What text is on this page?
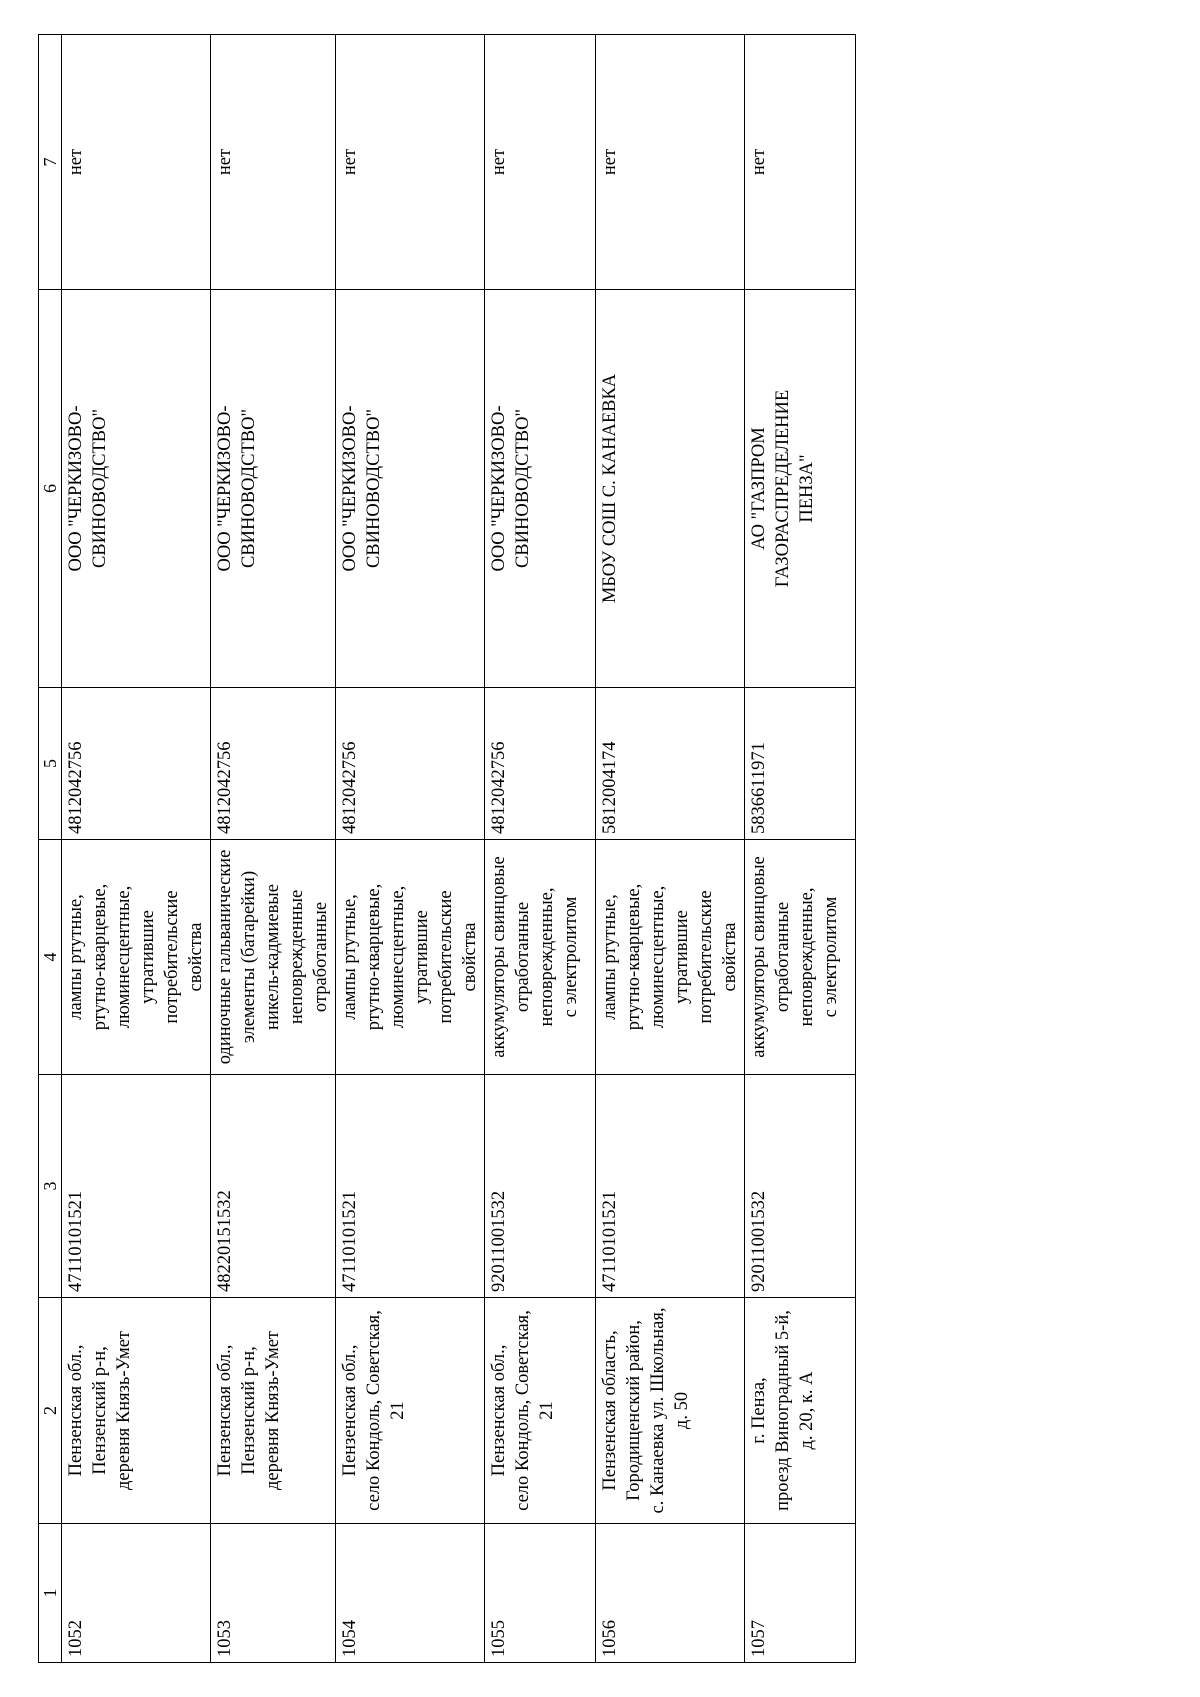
1	2	3	4	5	6	7
1052	Пензенская обл.,
Пензенский р-н,
деревня Князь-Умет	47110101521	лампы ртутные,
ртутно-кварцевые,
люминесцентные,
утратившие потребительские
свойства	4812042756	ООО "ЧЕРКИЗОВО-
СВИНОВОДСТВО"	нет
1053	Пензенская обл.,
Пензенский р-н,
деревня Князь-Умет	48220151532	одиночные гальванические
элементы (батарейки)
никель-кадмиевые
неповрежденные
отработанные	4812042756	ООО "ЧЕРКИЗОВО-
СВИНОВОДСТВО"	нет
1054	Пензенская обл.,
село Кондоль, Советская, 21	47110101521	лампы ртутные,
ртутно-кварцевые,
люминесцентные,
утратившие потребительские
свойства	4812042756	ООО "ЧЕРКИЗОВО-
СВИНОВОДСТВО"	нет
1055	Пензенская обл.,
село Кондоль, Советская, 21	92011001532	аккумуляторы свинцовые
отработанные
неповрежденные,
с электролитом	4812042756	ООО "ЧЕРКИЗОВО-
СВИНОВОДСТВО"	нет
1056	Пензенская область,
Городищенский район,
с. Канаевка ул. Школьная, д. 50	47110101521	лампы ртутные,
ртутно-кварцевые,
люминесцентные,
утратившие потребительские
свойства	5812004174	МБОУ СОШ С. КАНАЕВКА	нет
1057	г. Пенза,
проезд Виноградный 5-й,
д. 20, к. А	92011001532	аккумуляторы свинцовые
отработанные
неповрежденные,
с электролитом	5836611971	АО "ГАЗПРОМ
ГАЗОРАСПРЕДЕЛЕНИЕ
ПЕНЗА"	нет
